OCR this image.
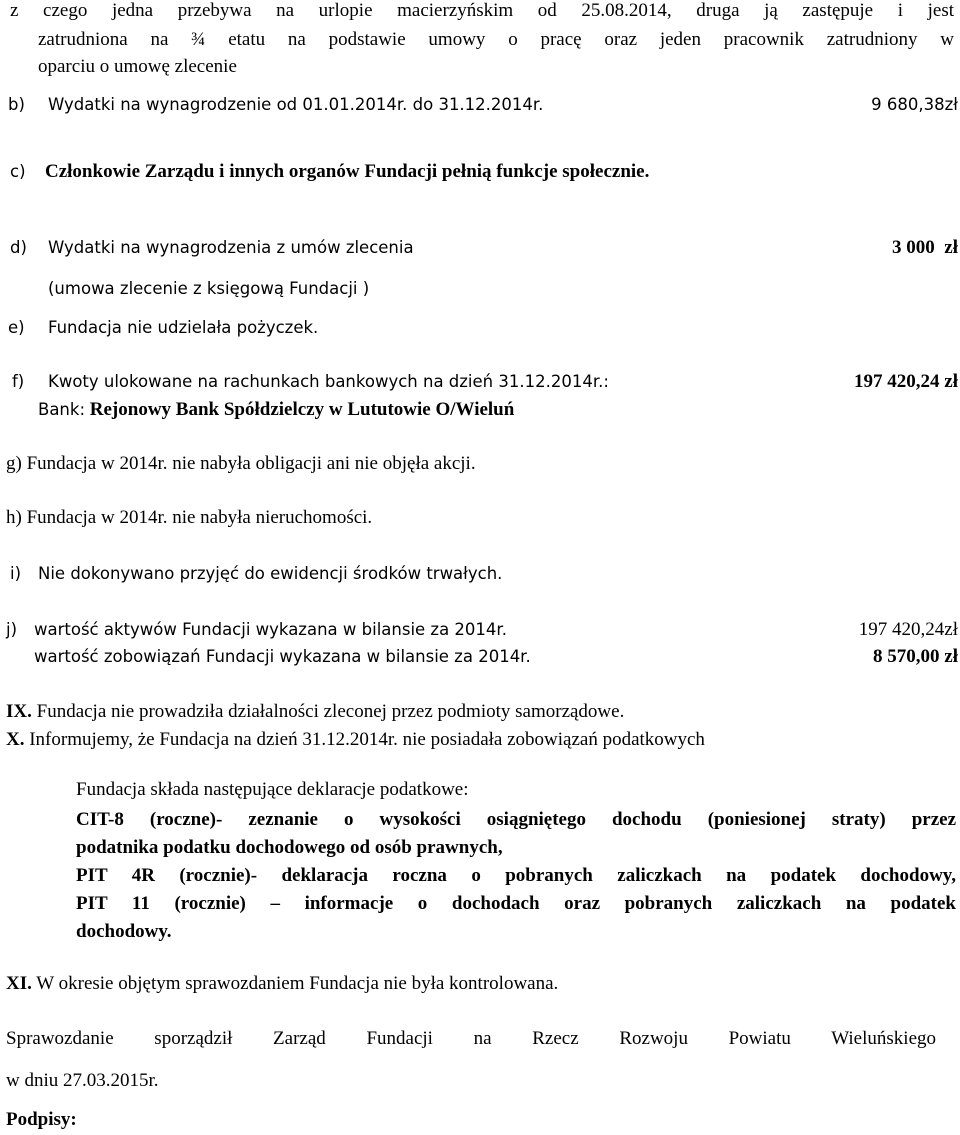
z czego jedna przebywa na urlopie macierzyńskim od 25.08.2014, druga ją zastępuje i jest
zatrudniona na ¾ etatu na podstawie umowy o pracę oraz jeden pracownik zatrudniony w
oparciu o umowę zlecenie
b) Wydatki na wynagrodzenie od 01.01.2014r. do 31.12.2014r.	9 680,38zł
c) Członkowie Zarządu i innych organów Fundacji pełnią funkcje społecznie.
d) Wydatki na wynagrodzenia z umów zlecenia	3 000  zł
(umowa zlecenie z księgową Fundacji )
e) Fundacja nie udzielała pożyczek.
f) Kwoty ulokowane na rachunkach bankowych na dzień 31.12.2014r.:	197 420,24 zł
Bank: Rejonowy Bank Spółdzielczy w Lututowie O/Wieluń
g) Fundacja w 2014r. nie nabyła obligacji ani nie objęła akcji.
h) Fundacja w 2014r. nie nabyła nieruchomości.
i) Nie dokonywano przyjęć do ewidencji środków trwałych.
j) wartość aktywów Fundacji wykazana w bilansie za 2014r.	197 420,24zł
wartość zobowiązań Fundacji wykazana w bilansie za 2014r.	8 570,00 zł
IX. Fundacja nie prowadziła działalności zleconej przez podmioty samorządowe.
X. Informujemy, że Fundacja na dzień 31.12.2014r. nie posiadała zobowiązań podatkowych
Fundacja składa następujące deklaracje podatkowe:

CIT-8 (roczne)- zeznanie o wysokości osiągniętego dochodu (poniesionej straty) przez

podatnika podatku dochodowego od osób prawnych,

PIT 4R (rocznie)- deklaracja roczna o pobranych zaliczkach na podatek dochodowy,

PIT 11 (rocznie) – informacje o dochodach oraz pobranych zaliczkach na podatek

dochodowy.

XI. W okresie objętym sprawozdaniem Fundacja nie była kontrolowana.
Sprawozdanie sporządził Zarząd Fundacji na Rzecz Rozwoju Powiatu Wieluńskiego
w dniu 27.03.2015r.
Podpisy:
